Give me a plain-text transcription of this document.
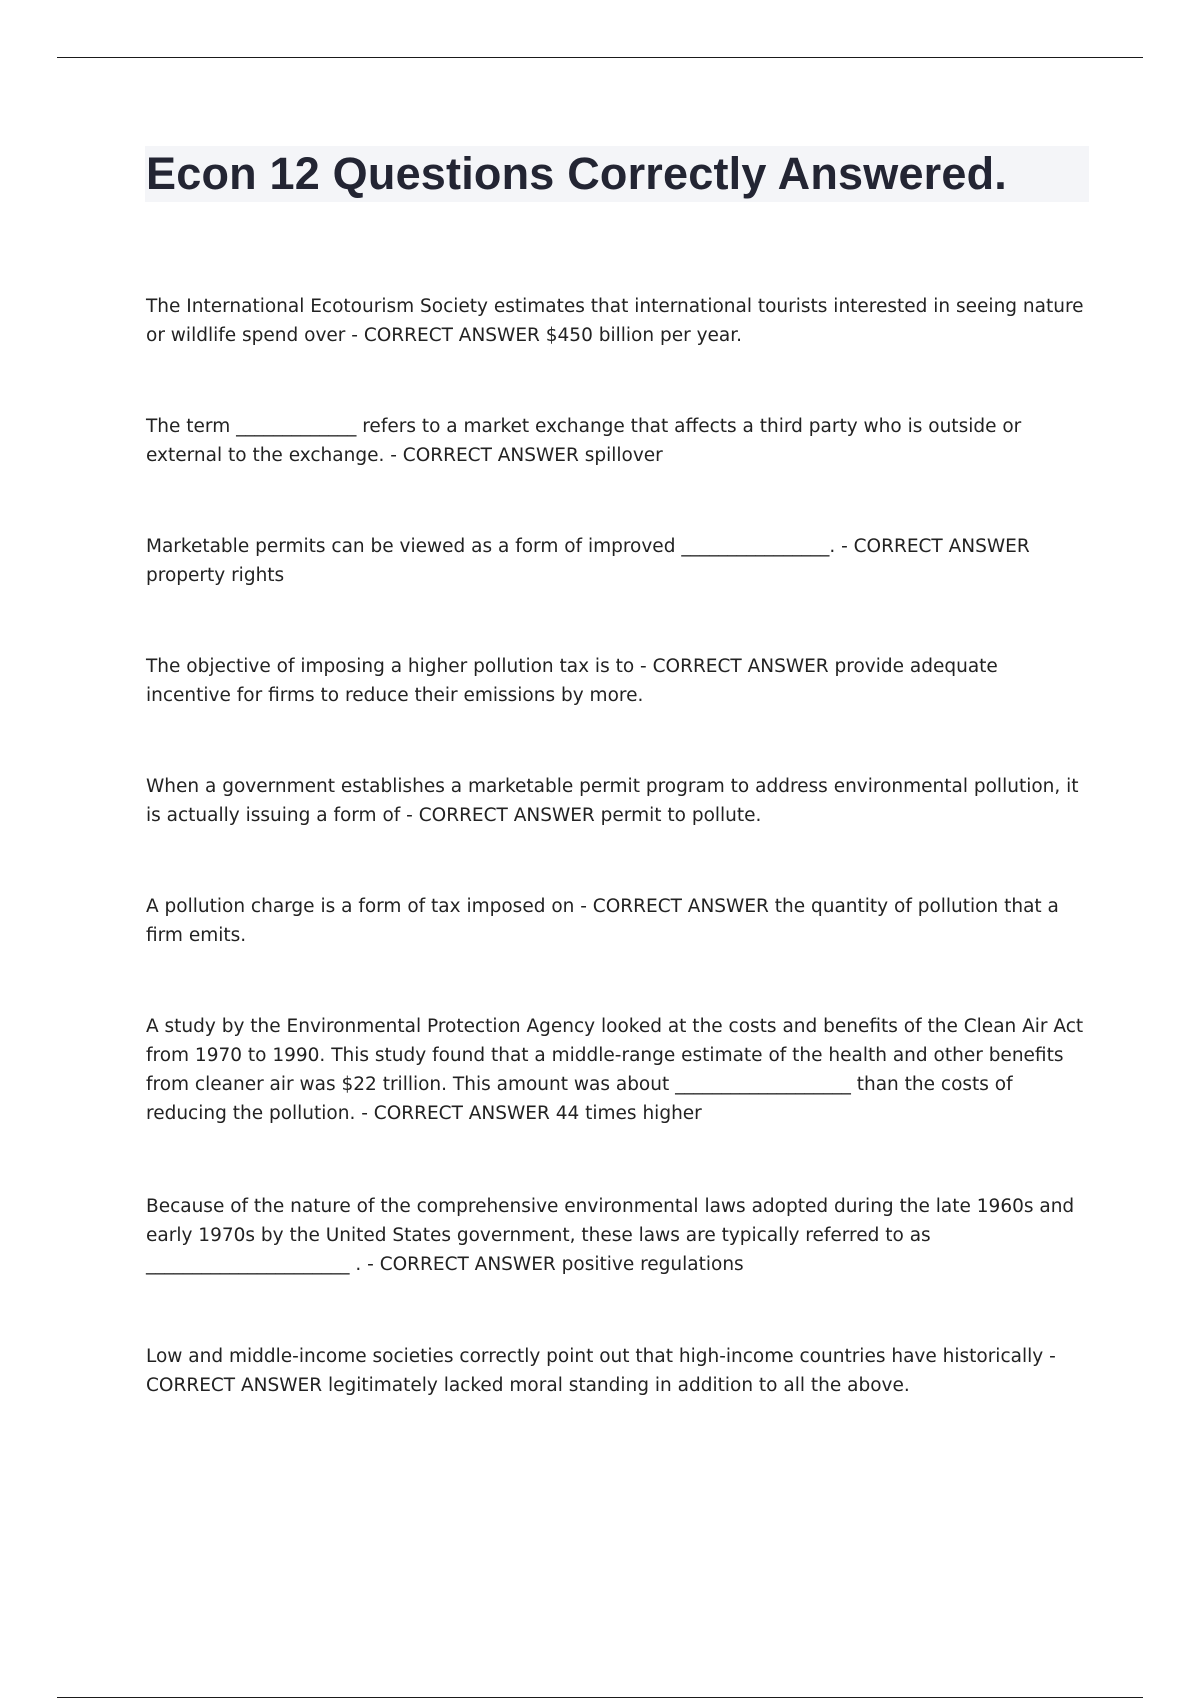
Econ 12 Questions Correctly Answered.
The International Ecotourism Society estimates that international tourists interested in seeing nature or wildlife spend over - CORRECT ANSWER $450 billion per year.
The term _____________ refers to a market exchange that affects a third party who is outside or external to the exchange. - CORRECT ANSWER spillover
Marketable permits can be viewed as a form of improved ________________. - CORRECT ANSWER property rights
The objective of imposing a higher pollution tax is to - CORRECT ANSWER provide adequate incentive for firms to reduce their emissions by more.
When a government establishes a marketable permit program to address environmental pollution, it is actually issuing a form of - CORRECT ANSWER permit to pollute.
A pollution charge is a form of tax imposed on - CORRECT ANSWER the quantity of pollution that a firm emits.
A study by the Environmental Protection Agency looked at the costs and benefits of the Clean Air Act from 1970 to 1990. This study found that a middle-range estimate of the health and other benefits from cleaner air was $22 trillion. This amount was about ___________________ than the costs of reducing the pollution. - CORRECT ANSWER 44 times higher
Because of the nature of the comprehensive environmental laws adopted during the late 1960s and early 1970s by the United States government, these laws are typically referred to as ______________________ . - CORRECT ANSWER positive regulations
Low and middle-income societies correctly point out that high-income countries have historically - CORRECT ANSWER legitimately lacked moral standing in addition to all the above.
